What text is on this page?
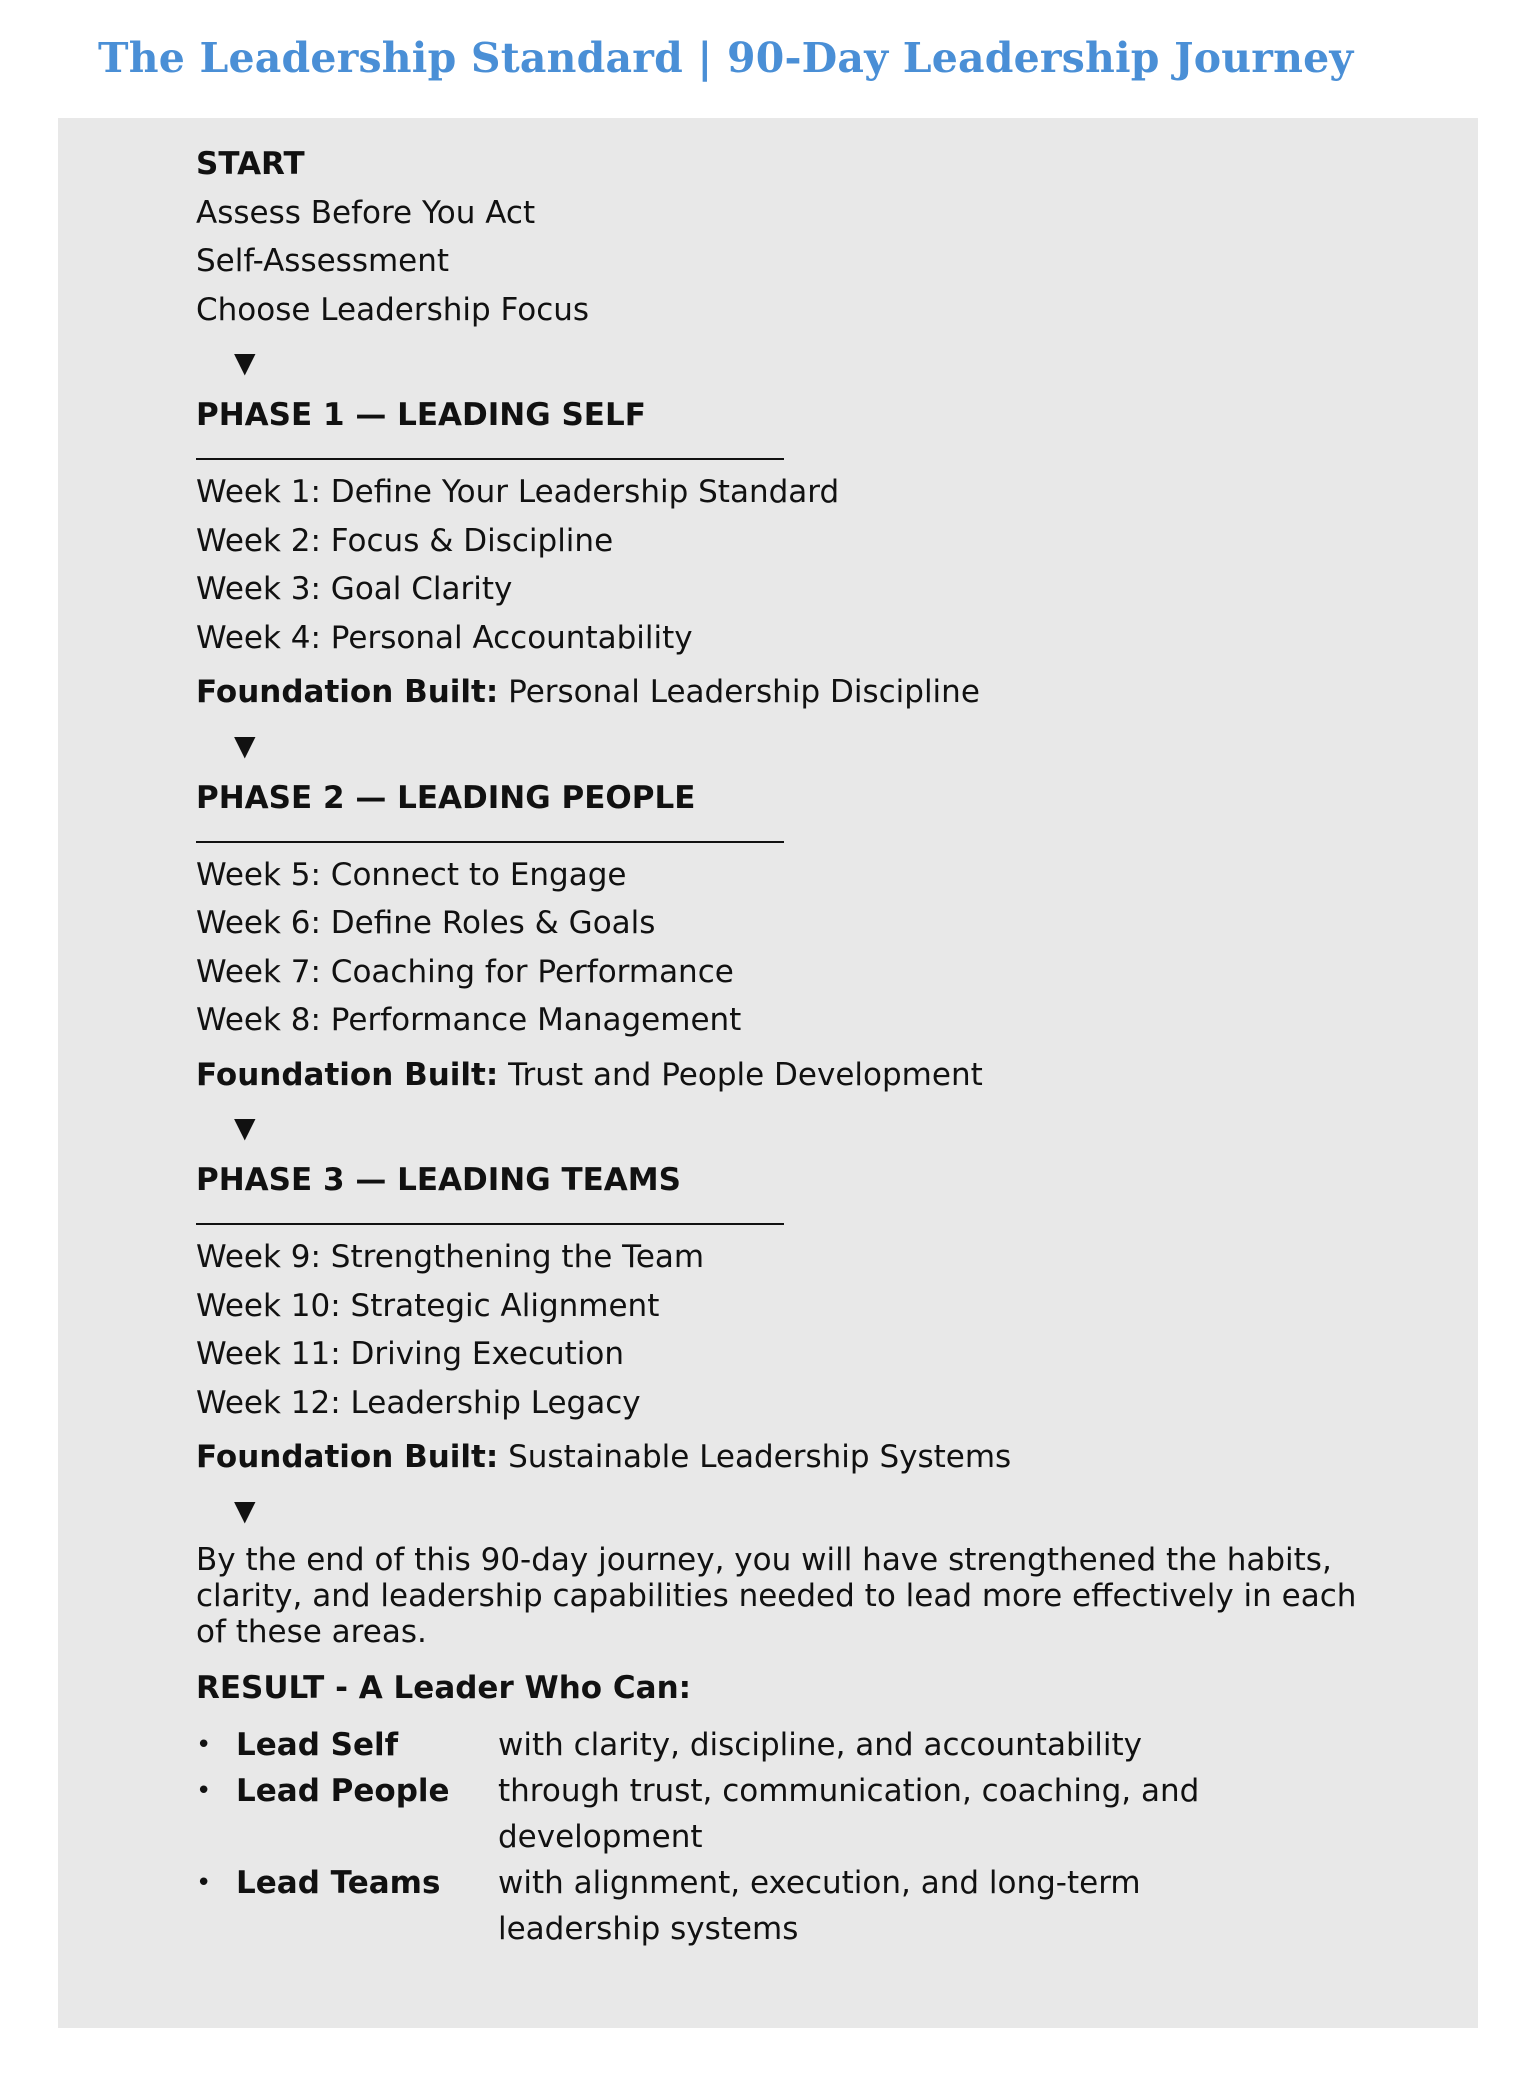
The Leadership Standard | 90-Day Leadership Journey
START
Assess Before You Act
Self-Assessment
Choose Leadership Focus
▼
PHASE 1 — LEADING SELF
Week 1: Define Your Leadership Standard
Week 2: Focus & Discipline
Week 3: Goal Clarity
Week 4: Personal Accountability
Foundation Built: Personal Leadership Discipline
▼
PHASE 2 — LEADING PEOPLE
Week 5: Connect to Engage
Week 6: Define Roles & Goals
Week 7: Coaching for Performance
Week 8: Performance Management
Foundation Built: Trust and People Development
▼
PHASE 3 — LEADING TEAMS
Week 9: Strengthening the Team
Week 10: Strategic Alignment
Week 11: Driving Execution
Week 12: Leadership Legacy
Foundation Built: Sustainable Leadership Systems
▼
By the end of this 90-day journey, you will have strengthened the habits, clarity, and leadership capabilities needed to lead more effectively in each of these areas.
RESULT - A Leader Who Can:
• Lead Self	with clarity, discipline, and accountability
• Lead People	through trust, communication, coaching, and development
• Lead Teams	with alignment, execution, and long-term leadership systems
